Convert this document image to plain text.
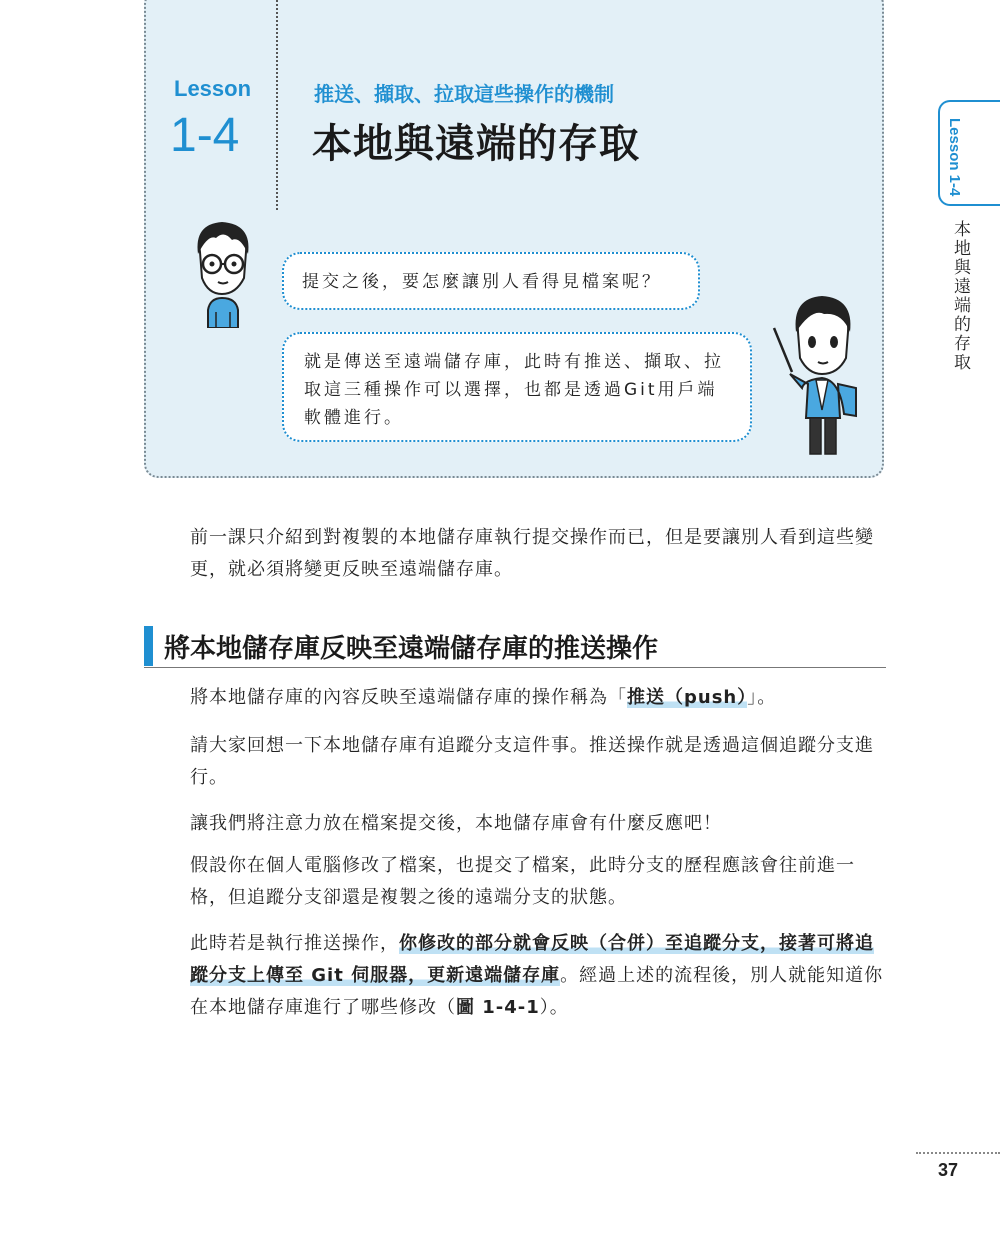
Lesson
1-4
推送、擷取、拉取這些操作的機制
本地與遠端的存取
提交之後，要怎麼讓別人看得見檔案呢？
就是傳送至遠端儲存庫，此時有推送、擷取、拉取這三種操作可以選擇，也都是透過Git用戶端軟體進行。
前一課只介紹到對複製的本地儲存庫執行提交操作而已，但是要讓別人看到這些變更，就必須將變更反映至遠端儲存庫。
將本地儲存庫反映至遠端儲存庫的推送操作
將本地儲存庫的內容反映至遠端儲存庫的操作稱為「推送（push）」。
請大家回想一下本地儲存庫有追蹤分支這件事。推送操作就是透過這個追蹤分支進行。
讓我們將注意力放在檔案提交後，本地儲存庫會有什麼反應吧！
假設你在個人電腦修改了檔案，也提交了檔案，此時分支的歷程應該會往前進一格，但追蹤分支卻還是複製之後的遠端分支的狀態。
此時若是執行推送操作，你修改的部分就會反映（合併）至追蹤分支，接著可將追蹤分支上傳至 Git 伺服器，更新遠端儲存庫。經過上述的流程後，別人就能知道你在本地儲存庫進行了哪些修改（圖 1-4-1）。
Lesson 1-4
本地與遠端的存取
37
